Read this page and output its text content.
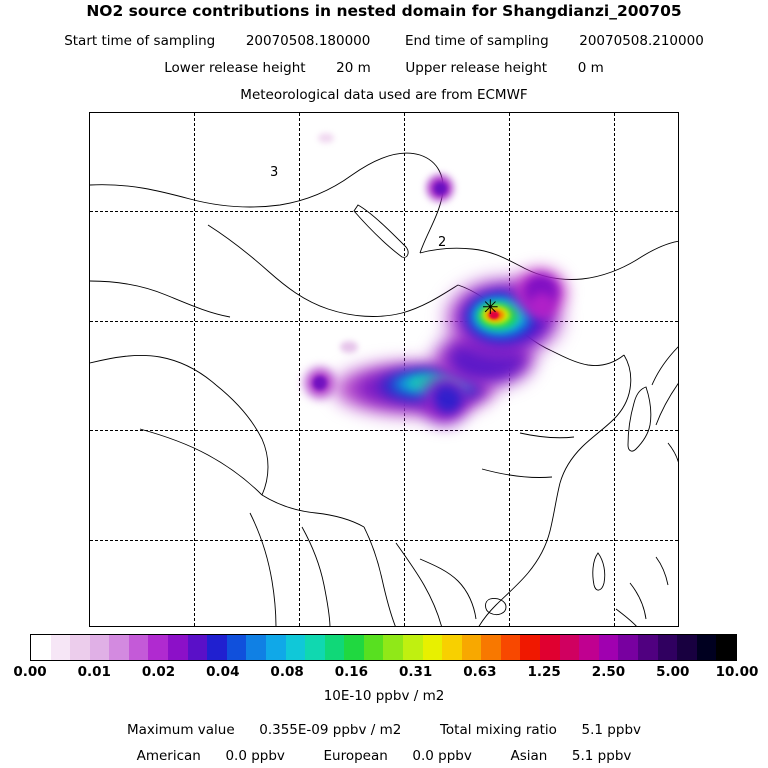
NO2 source contributions in nested domain for Shangdianzi_200705
Start time of sampling 20070508.180000	End time of sampling 20070508.210000
Lower release height 20 m	Upper release height 0 m
Meteorological data used are from ECMWF
✳
3
2
0.00 0.01 0.02 0.04 0.08 0.16 0.31 0.63 1.25 2.50 5.00 10.00
10E-10 ppbv / m2
Maximum value 0.355E-09 ppbv / m2	Total mixing ratio 5.1 ppbv
American 0.0 ppbv	European 0.0 ppbv	Asian 5.1 ppbv
